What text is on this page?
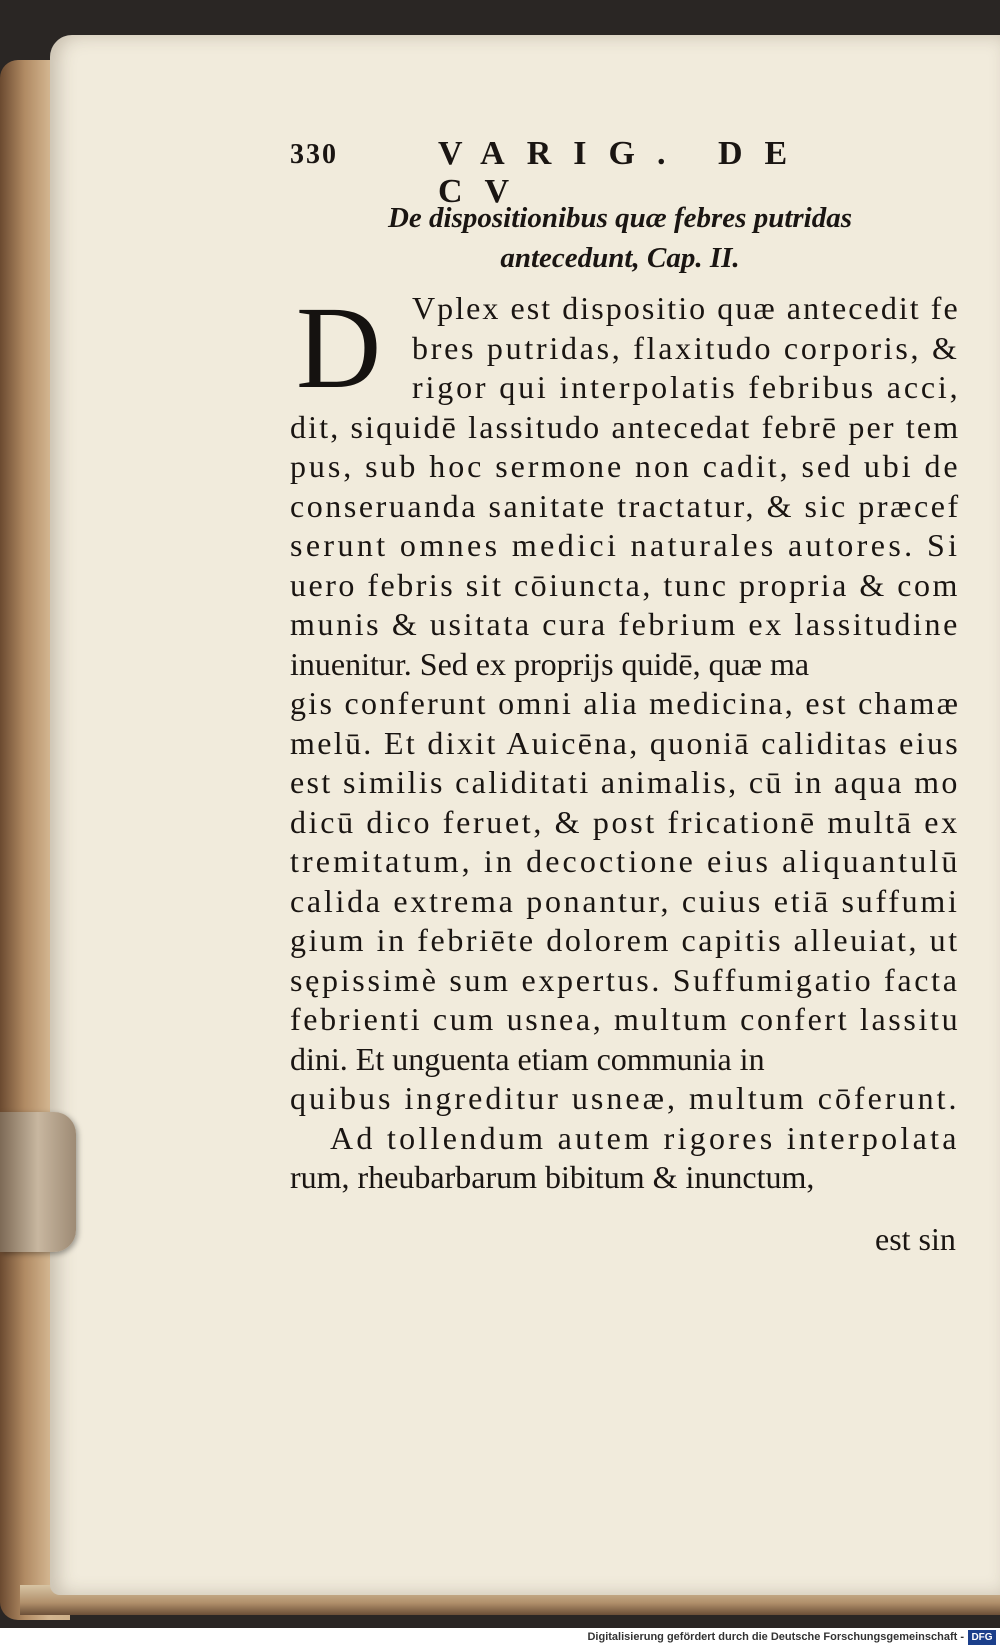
330	VARIG. DE CV
De dispositionibus quæ febres putridas
antecedunt, Cap. II.
D Vplex est dispositio quæ antecedit fe
bres putridas, flaxitudo corporis, &
rigor qui interpolatis febribus acci,
dit, siquidē lassitudo antecedat febrē per tem
pus, sub hoc sermone non cadit, sed ubi de
conseruanda sanitate tractatur, & sic præcef
serunt omnes medici naturales autores. Si
uero febris sit cōiuncta, tunc propria & com
munis & usitata cura febrium ex lassitudine
inuenitur. Sed ex proprijs quidē, quæ ma
gis conferunt omni alia medicina, est chamæ
melū. Et dixit Auicēna, quoniā caliditas eius
est similis caliditati animalis, cū in aqua mo
dicū dico feruet, & post fricationē multā ex
tremitatum, in decoctione eius aliquantulū
calida extrema ponantur, cuius etiā suffumi
gium in febriēte dolorem capitis alleuiat, ut
sępissimè sum expertus. Suffumigatio facta
febrienti cum usnea, multum confert lassitu
dini. Et unguenta etiam communia in
quibus ingreditur usneæ, multum cōferunt.
Ad tollendum autem rigores interpolata
rum, rheubarbarum bibitum & inunctum,
est sin
Digitalisierung gefördert durch die Deutsche Forschungsgemeinschaft - DFG
